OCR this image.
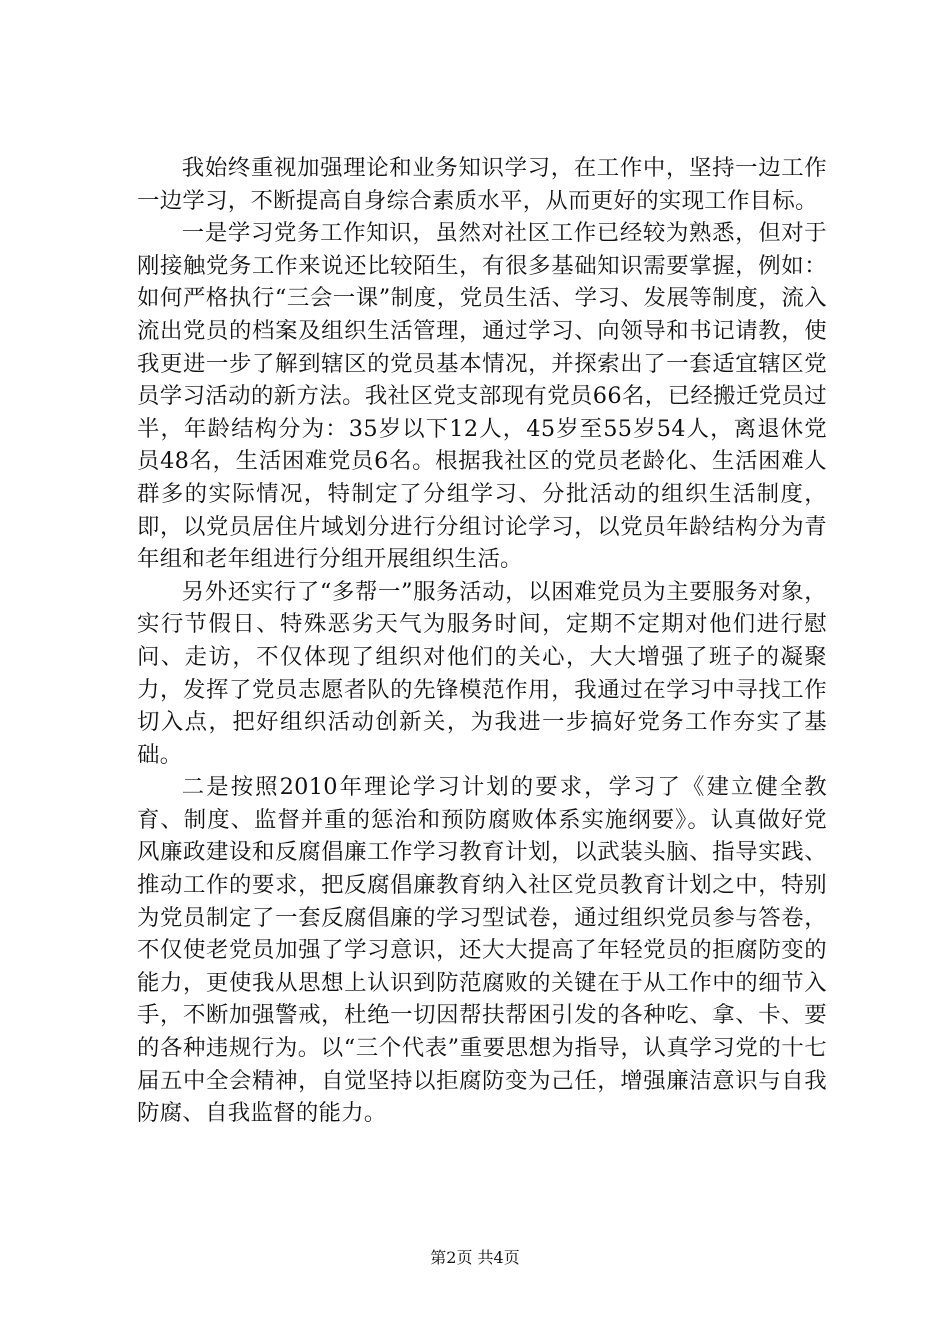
我始终重视加强理论和业务知识学习，在工作中，坚持一边工作一边学习，不断提高自身综合素质水平，从而更好的实现工作目标。

一是学习党务工作知识，虽然对社区工作已经较为熟悉，但对于刚接触党务工作来说还比较陌生，有很多基础知识需要掌握，例如：如何严格执行“三会一课”制度，党员生活、学习、发展等制度，流入流出党员的档案及组织生活管理，通过学习、向领导和书记请教，使我更进一步了解到辖区的党员基本情况，并探索出了一套适宜辖区党员学习活动的新方法。我社区党支部现有党员66名，已经搬迁党员过半，年龄结构分为：35岁以下12人，45岁至55岁54人，离退休党员48名，生活困难党员6名。根据我社区的党员老龄化、生活困难人群多的实际情况，特制定了分组学习、分批活动的组织生活制度，即，以党员居住片域划分进行分组讨论学习，以党员年龄结构分为青年组和老年组进行分组开展组织生活。

另外还实行了“多帮一”服务活动，以困难党员为主要服务对象，实行节假日、特殊恶劣天气为服务时间，定期不定期对他们进行慰问、走访，不仅体现了组织对他们的关心，大大增强了班子的凝聚力，发挥了党员志愿者队的先锋模范作用，我通过在学习中寻找工作切入点，把好组织活动创新关，为我进一步搞好党务工作夯实了基础。

二是按照2010年理论学习计划的要求，学习了《建立健全教育、制度、监督并重的惩治和预防腐败体系实施纲要》。认真做好党风廉政建设和反腐倡廉工作学习教育计划，以武装头脑、指导实践、推动工作的要求，把反腐倡廉教育纳入社区党员教育计划之中，特别为党员制定了一套反腐倡廉的学习型试卷，通过组织党员参与答卷，不仅使老党员加强了学习意识，还大大提高了年轻党员的拒腐防变的能力，更使我从思想上认识到防范腐败的关键在于从工作中的细节入手，不断加强警戒，杜绝一切因帮扶帮困引发的各种吃、拿、卡、要的各种违规行为。以“三个代表”重要思想为指导，认真学习党的十七届五中全会精神，自觉坚持以拒腐防变为己任，增强廉洁意识与自我防腐、自我监督的能力。

第2页 共4页
